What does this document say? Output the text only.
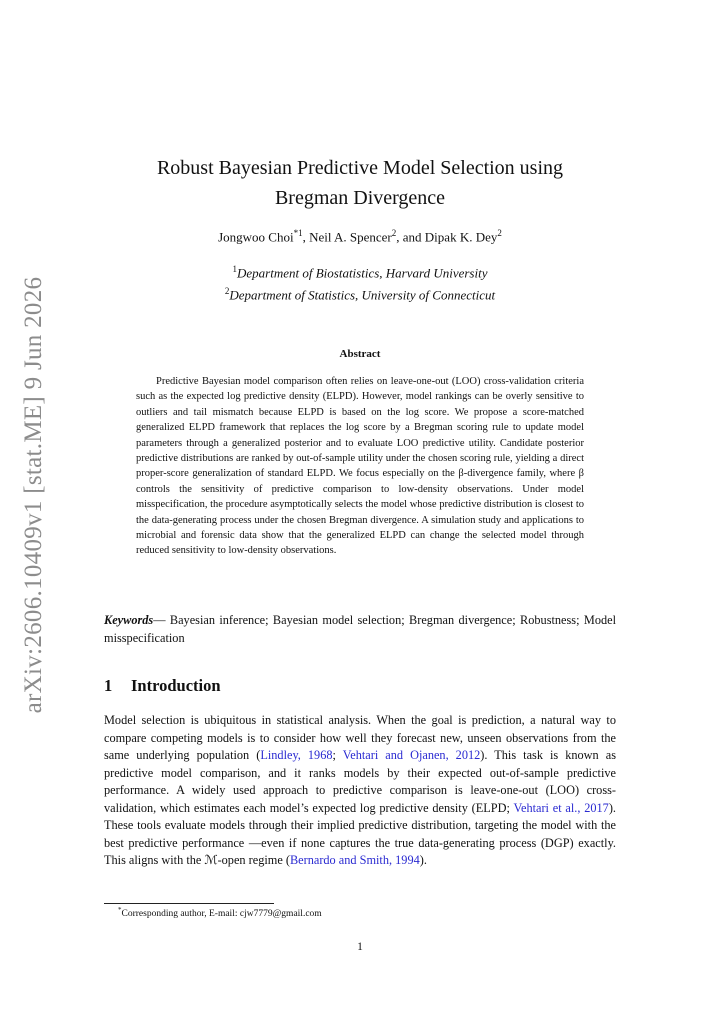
arXiv:2606.10409v1 [stat.ME] 9 Jun 2026
Robust Bayesian Predictive Model Selection using
Bregman Divergence
Jongwoo Choi$^{*1}$, Neil A. Spencer$^2$, and Dipak K. Dey$^2$
$^1$Department of Biostatistics, Harvard University
$^2$Department of Statistics, University of Connecticut
Abstract

Predictive Bayesian model comparison often relies on leave-one-out (LOO) cross-validation criteria such as the expected log predictive density (ELPD). However, model rankings can be overly sensitive to outliers and tail mismatch because ELPD is based on the log score. We propose a score-matched generalized ELPD framework that replaces the log score by a Bregman scoring rule to update model parameters through a generalized posterior and to evaluate LOO predictive utility. Candidate posterior predictive distributions are ranked by out-of-sample utility under the chosen scoring rule, yielding a direct proper-score generalization of standard ELPD. We focus especially on the β-divergence family, where β controls the sensitivity of predictive comparison to low-density observations. Under model misspecification, the procedure asymptotically selects the model whose predictive distribution is closest to the data-generating process under the chosen Bregman divergence. A simulation study and applications to microbial and forensic data show that the generalized ELPD can change the selected model through reduced sensitivity to low-density observations.

Keywords— Bayesian inference; Bayesian model selection; Bregman divergence; Robustness; Model misspecification

1 Introduction

Model selection is ubiquitous in statistical analysis. When the goal is prediction, a natural way to compare competing models is to consider how well they forecast new, unseen observations from the same underlying population (Lindley, 1968; Vehtari and Ojanen, 2012). This task is known as predictive model comparison, and it ranks models by their expected out-of-sample predictive performance. A widely used approach to predictive comparison is leave-one-out (LOO) cross-validation, which estimates each model’s expected log predictive density (ELPD; Vehtari et al., 2017). These tools evaluate models through their implied predictive distribution, targeting the model with the best predictive performance —even if none captures the true data-generating process (DGP) exactly. This aligns with the ℳ-open regime (Bernardo and Smith, 1994).

*Corresponding author, E-mail: cjw7779@gmail.com
1
